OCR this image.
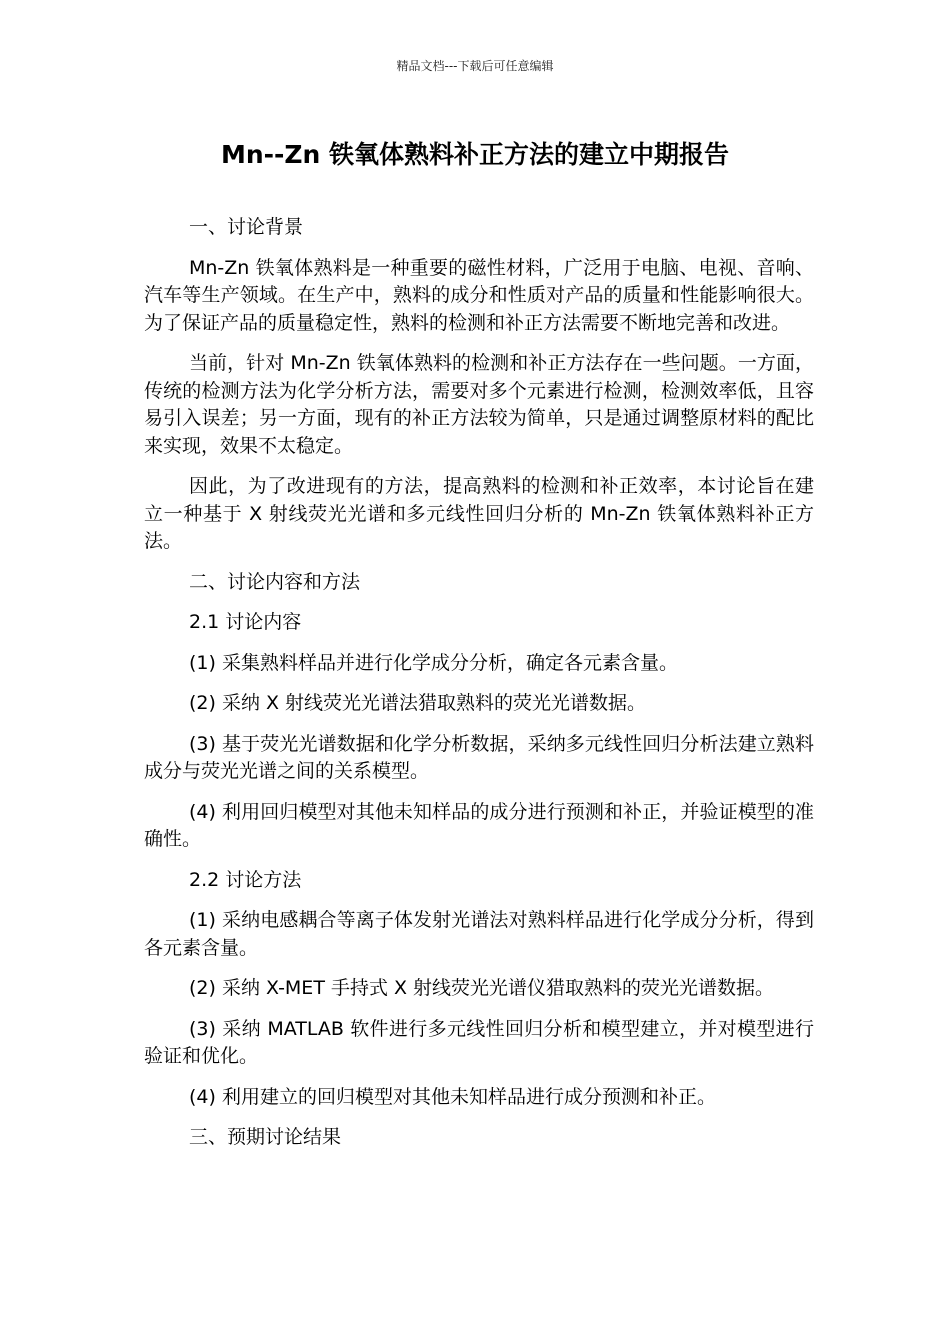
精品文档---下载后可任意编辑
Mn--Zn 铁氧体熟料补正方法的建立中期报告

一、讨论背景

Mn-Zn 铁氧体熟料是一种重要的磁性材料，广泛用于电脑、电视、音响、汽车等生产领域。在生产中，熟料的成分和性质对产品的质量和性能影响很大。为了保证产品的质量稳定性，熟料的检测和补正方法需要不断地完善和改进。

当前，针对 Mn-Zn 铁氧体熟料的检测和补正方法存在一些问题。一方面，传统的检测方法为化学分析方法，需要对多个元素进行检测，检测效率低，且容易引入误差；另一方面，现有的补正方法较为简单，只是通过调整原材料的配比来实现，效果不太稳定。

因此，为了改进现有的方法，提高熟料的检测和补正效率，本讨论旨在建立一种基于 X 射线荧光光谱和多元线性回归分析的 Mn-Zn 铁氧体熟料补正方法。

二、讨论内容和方法

2.1 讨论内容

(1) 采集熟料样品并进行化学成分分析，确定各元素含量。

(2) 采纳 X 射线荧光光谱法猎取熟料的荧光光谱数据。

(3) 基于荧光光谱数据和化学分析数据，采纳多元线性回归分析法建立熟料成分与荧光光谱之间的关系模型。

(4) 利用回归模型对其他未知样品的成分进行预测和补正，并验证模型的准确性。

2.2 讨论方法

(1) 采纳电感耦合等离子体发射光谱法对熟料样品进行化学成分分析，得到各元素含量。

(2) 采纳 X-MET 手持式 X 射线荧光光谱仪猎取熟料的荧光光谱数据。

(3) 采纳 MATLAB 软件进行多元线性回归分析和模型建立，并对模型进行验证和优化。

(4) 利用建立的回归模型对其他未知样品进行成分预测和补正。

三、预期讨论结果
